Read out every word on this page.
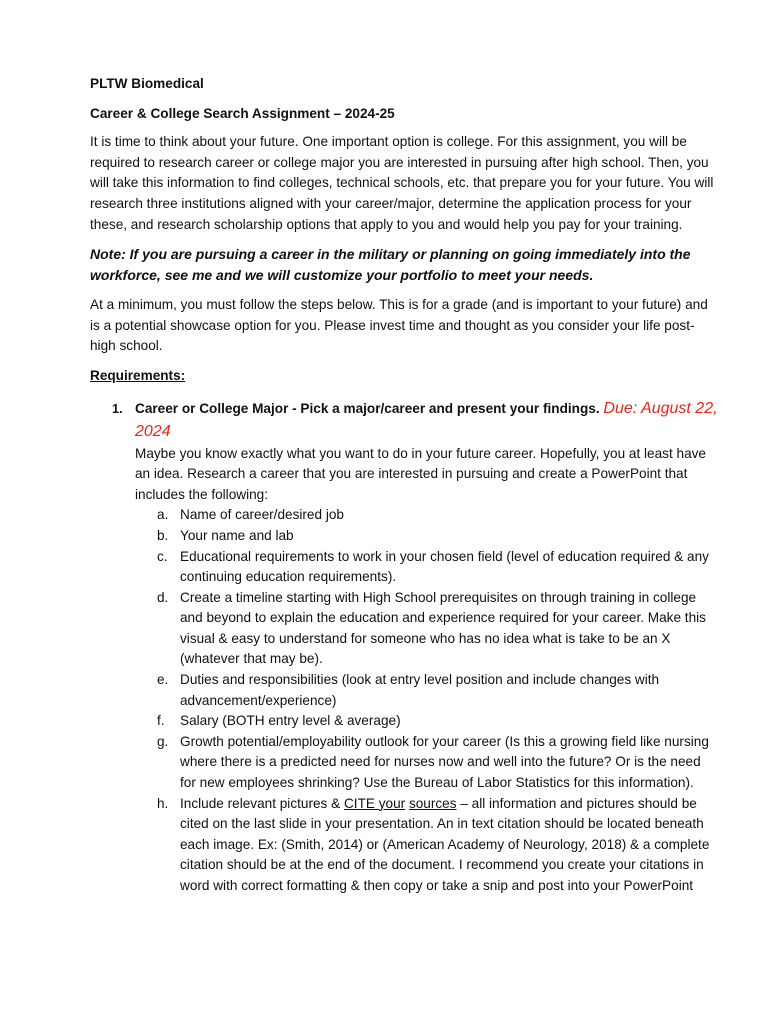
PLTW Biomedical
Career & College Search Assignment – 2024-25

It is time to think about your future. One important option is college. For this assignment, you will be required to research career or college major you are interested in pursuing after high school. Then, you will take this information to find colleges, technical schools, etc. that prepare you for your future. You will research three institutions aligned with your career/major, determine the application process for your these, and research scholarship options that apply to you and would help you pay for your training.

Note: If you are pursuing a career in the military or planning on going immediately into the workforce, see me and we will customize your portfolio to meet your needs.

At a minimum, you must follow the steps below. This is for a grade (and is important to your future) and is a potential showcase option for you. Please invest time and thought as you consider your life post-high school.

Requirements:
1. Career or College Major - Pick a major/career and present your findings. Due: August 22, 2024
Maybe you know exactly what you want to do in your future career. Hopefully, you at least have an idea. Research a career that you are interested in pursuing and create a PowerPoint that includes the following:
a. Name of career/desired job
b. Your name and lab
c. Educational requirements to work in your chosen field (level of education required & any continuing education requirements).
d. Create a timeline starting with High School prerequisites on through training in college and beyond to explain the education and experience required for your career. Make this visual & easy to understand for someone who has no idea what is take to be an X (whatever that may be).
e. Duties and responsibilities (look at entry level position and include changes with advancement/experience)
f.	Salary (BOTH entry level & average)
g. Growth potential/employability outlook for your career (Is this a growing field like nursing where there is a predicted need for nurses now and well into the future? Or is the need for new employees shrinking? Use the Bureau of Labor Statistics for this information).
h. Include relevant pictures & CITE your sources – all information and pictures should be cited on the last slide in your presentation. An in text citation should be located beneath each image. Ex: (Smith, 2014) or (American Academy of Neurology, 2018) & a complete citation should be at the end of the document. I recommend you create your citations in word with correct formatting & then copy or take a snip and post into your PowerPoint
